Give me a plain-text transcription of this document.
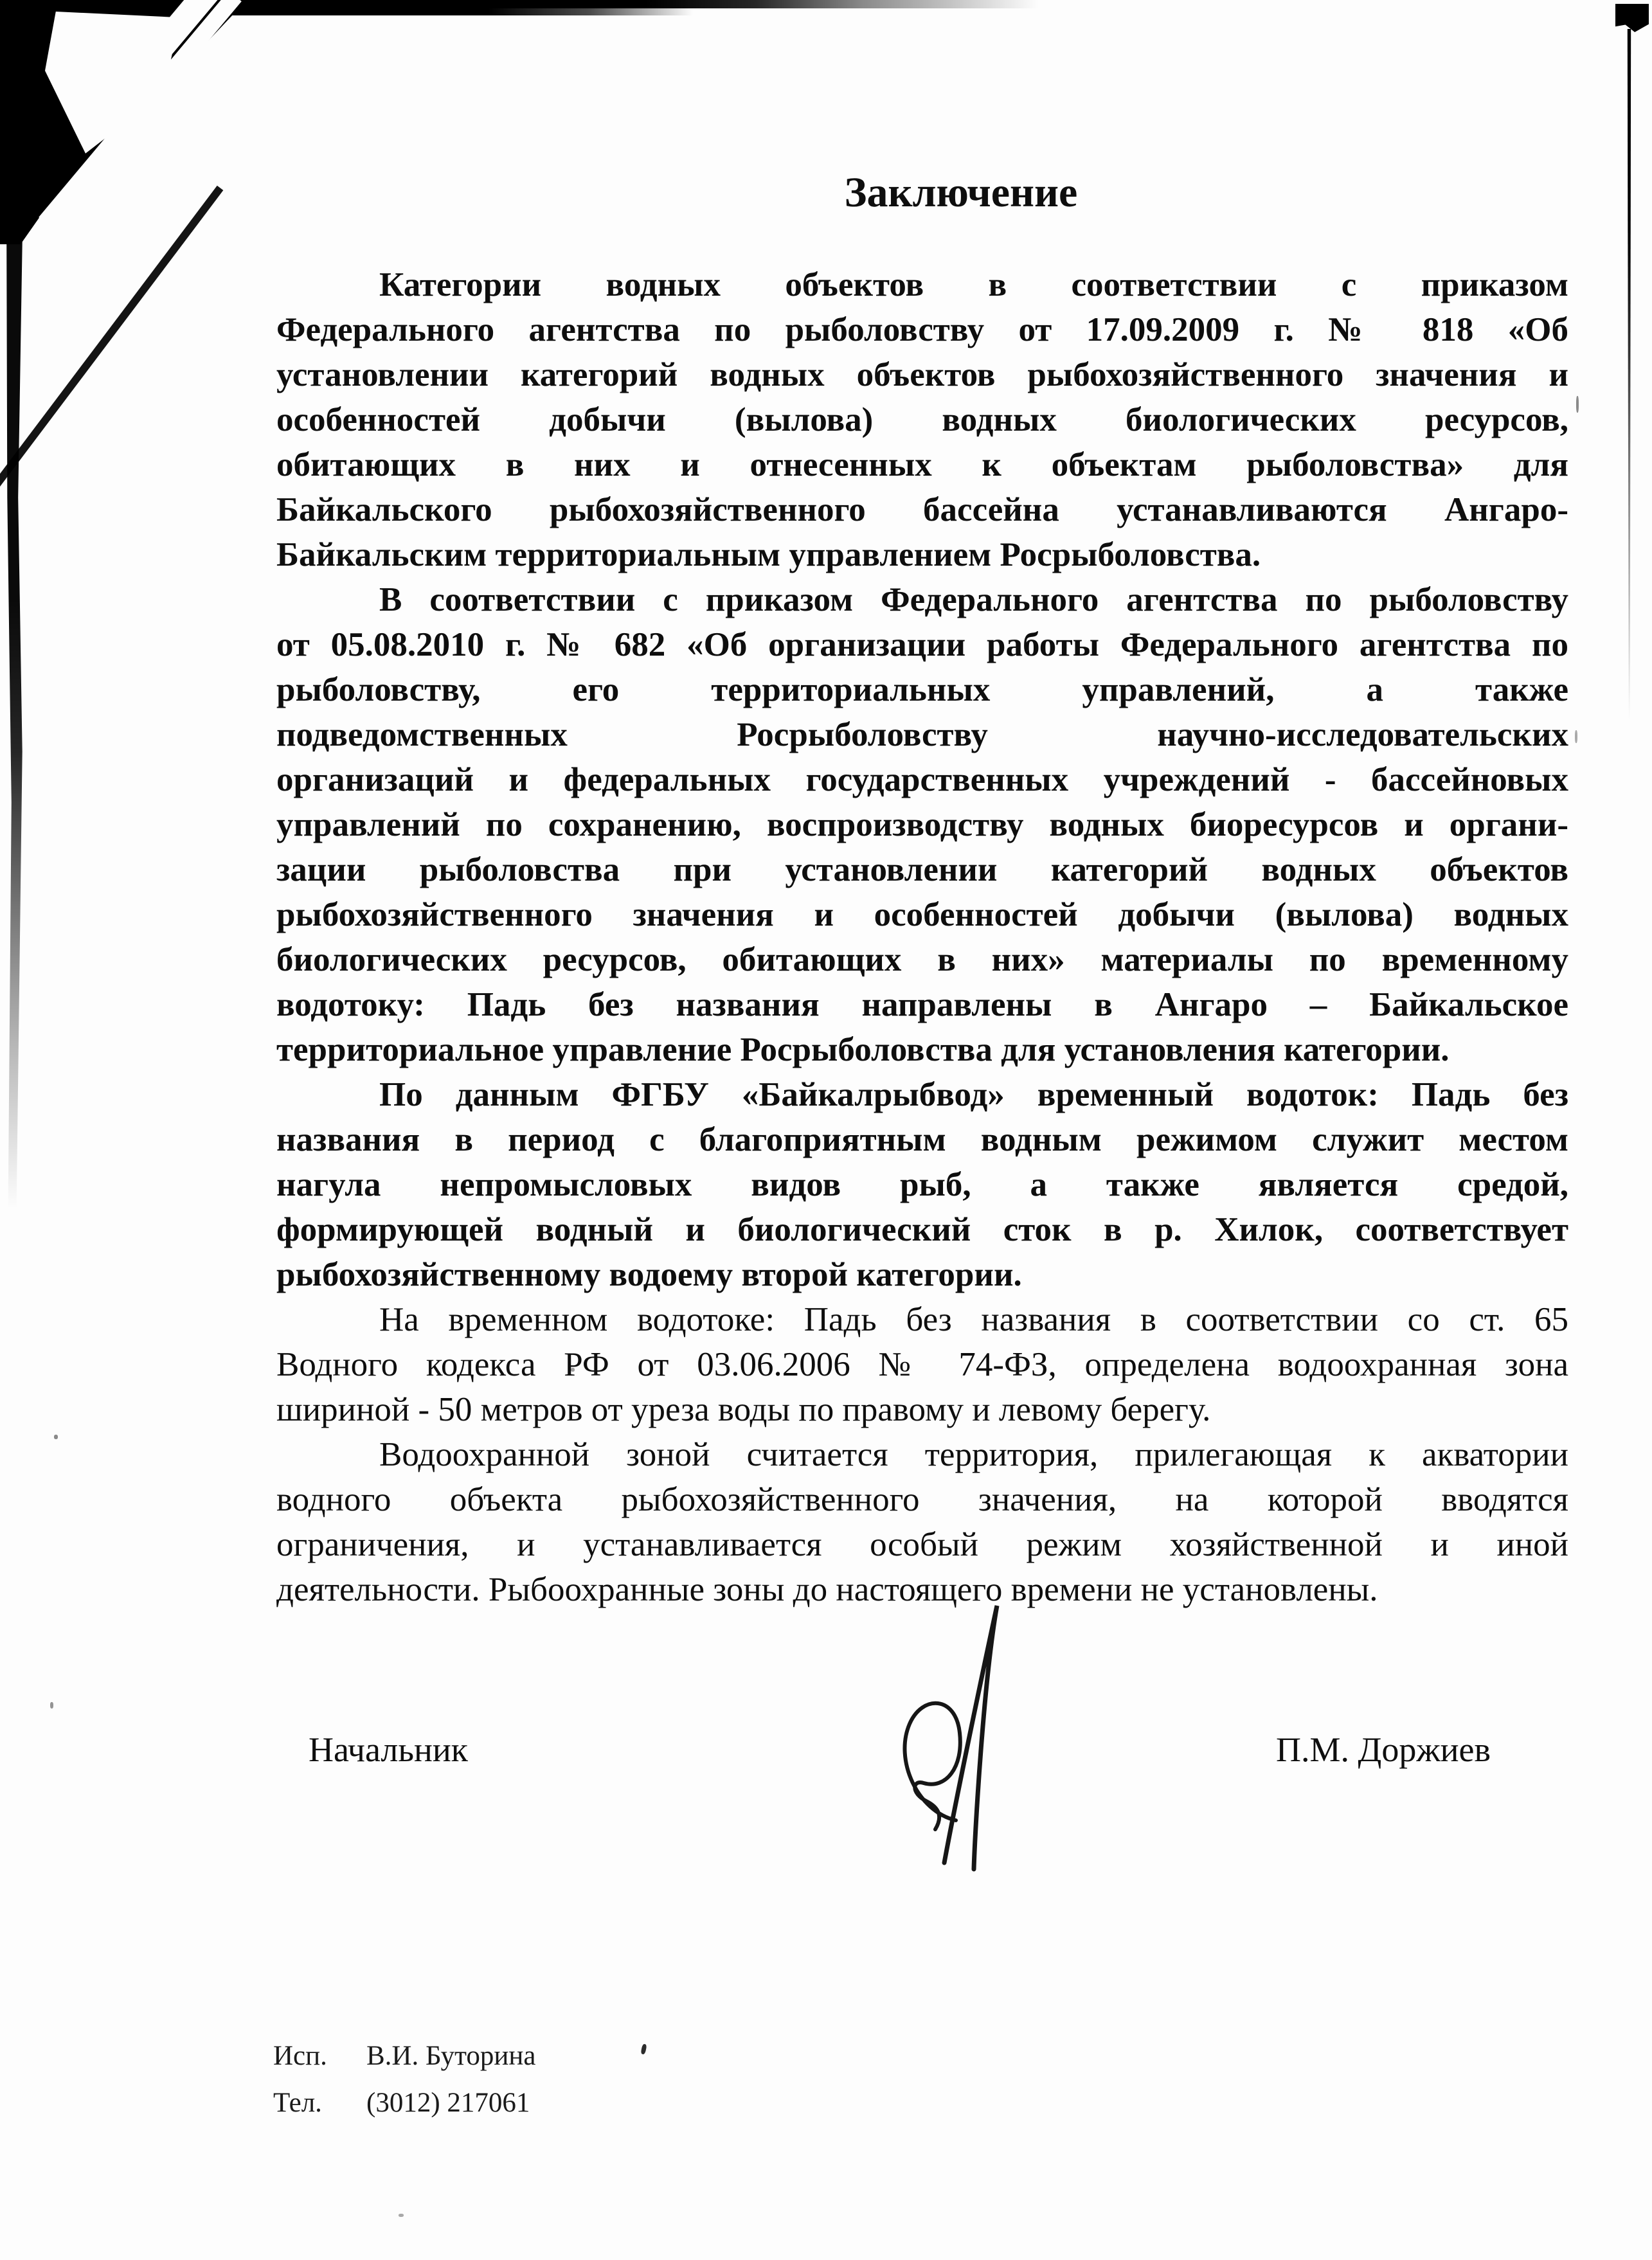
Заключение
Категории водных объектов в соответствии с приказом
Федерального агентства по рыболовству от 17.09.2009 г. № 818 «Об
установлении категорий водных объектов рыбохозяйственного значения и
особенностей добычи (вылова) водных биологических ресурсов,
обитающих в них и отнесенных к объектам рыболовства» для
Байкальского рыбохозяйственного бассейна устанавливаются Ангаро-
Байкальским территориальным управлением Росрыболовства.
В соответствии с приказом Федерального агентства по рыболовству
от 05.08.2010 г. № 682 «Об организации работы Федерального агентства по
рыболовству, его территориальных управлений, а также
подведомственных Росрыболовству научно-исследовательских
организаций и федеральных государственных учреждений - бассейновых
управлений по сохранению, воспроизводству водных биоресурсов и органи-
зации рыболовства при установлении категорий водных объектов
рыбохозяйственного значения и особенностей добычи (вылова) водных
биологических ресурсов, обитающих в них» материалы по временному
водотоку: Падь без названия направлены в Ангаро – Байкальское
территориальное управление Росрыболовства для установления категории.
По данным ФГБУ «Байкалрыбвод» временный водоток: Падь без
названия в период с благоприятным водным режимом служит местом
нагула непромысловых видов рыб, а также является средой,
формирующей водный и биологический сток в р. Хилок, соответствует
рыбохозяйственному водоему второй категории.
На временном водотоке: Падь без названия в соответствии со ст. 65
Водного кодекса РФ от 03.06.2006 № 74-ФЗ, определена водоохранная зона
шириной - 50 метров от уреза воды по правому и левому берегу.
Водоохранной зоной считается территория, прилегающая к акватории
водного объекта рыбохозяйственного значения, на которой вводятся
ограничения, и устанавливается особый режим хозяйственной и иной
деятельности. Рыбоохранные зоны до настоящего времени не установлены.
Начальник	П.М. Доржиев
Исп.	В.И. Буторина
Тел.	(3012) 217061
